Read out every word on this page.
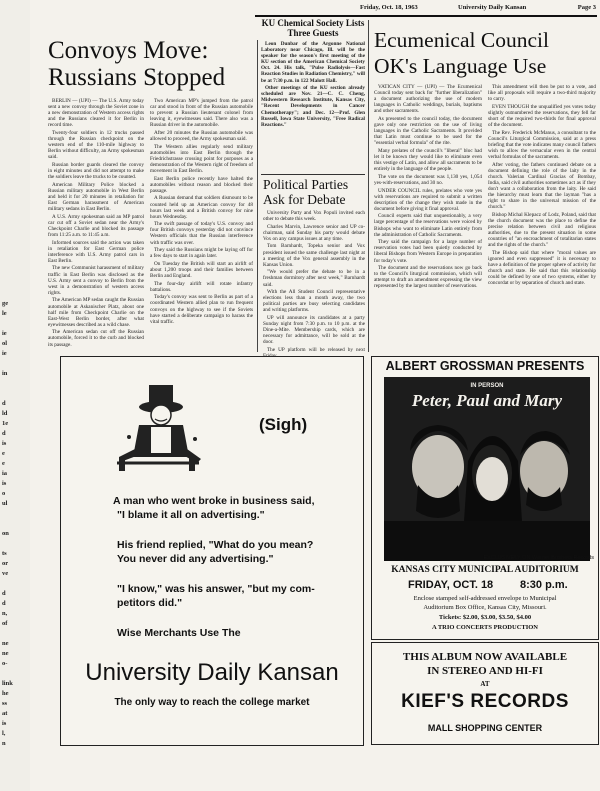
ge
le
ie
ol
ie
in
d
ld
1e
d
is
e
e
ia
is
o
ul
on
ts
or
ve
d
d
n,
of
ne
ne
o-
link
he
ss
at
is
l,
n
Friday, Oct. 18, 1963	University Daily Kansan	Page 3
Convoys Move:
Russians Stopped

BERLIN — (UPI) — The U.S. Army today sent a new convoy through the Soviet zone in a new demonstration of Western access rights and the Russians cleared it for Berlin in record time.

Twenty-four soldiers in 12 trucks passed through the Russian checkpoint on the western end of the 110-mile highway to Berlin without difficulty, an Army spokesman said.

Russian border guards cleared the convoy in eight minutes and did not attempt to make the soldiers leave the trucks to be counted.

American Military Police blocked a Russian military automobile in West Berlin and held it for 20 minutes in retaliation for East German harassment of American military sedans in East Berlin.

A U.S. Army spokesman said an MP patrol car cut off a Soviet sedan near the Army's Checkpoint Charlie and blocked its passage from 11:25 a.m. to 11:45 a.m.

Informed sources said the action was taken in retaliation for East German police interference with U.S. Army patrol cars in East Berlin.

The new Communist harassment of military traffic in East Berlin was disclosed as the U.S. Army sent a convoy to Berlin from the west in a demonstration of western access rights.

The American MP sedan caught the Russian automobile at Askanischer Platz, about one half mile from Checkpoint Charlie on the East-West Berlin border, after what eyewitnesses described as a wild chase.

The American sedan cut off the Russian automobile, forced it to the curb and blocked its passage.

Two American MP's jumped from the patrol car and stood in front of the Russian automobile to prevent a Russian lieutenant colonel from leaving it, eyewitnesses said. There also was a Russian driver in the automobile.

After 20 minutes the Russian automobile was allowed to proceed, the Army spokesman said.

The Western allies regularly send military automobiles into East Berlin through the Friedrichstrasse crossing point for purposes as a demonstration of the Western right of freedom of movement in East Berlin.

East Berlin police recently have halted the automobiles without reason and blocked their passage.

A Russian demand that soldiers dismount to be counted held up an American convoy for 48 hours last week and a British convoy for nine hours Wednesday.

The swift passage of today's U.S. convoy and four British convoys yesterday did not convince Western officials that the Russian interference with traffic was over.

They said the Russians might be laying off for a few days to start in again later.

On Tuesday the British will start an airlift of about 1,200 troops and their families between Berlin and England.

The four-day airlift will rotate infantry battalions.

Today's convoy was sent to Berlin as part of a coordinated Western allied plan to run frequent convoys on the highway to see if the Soviets have started a deliberate campaign to harass the vital traffic.

KU Chemical Society Lists Three Guests

Leon Dunbar of the Argonne National Laboratory near Chicago, Ill. will be the speaker for the season's first meeting of the KU section of the American Chemical Society Oct. 24. His talk, "Pulse Radiolysis—Fast Reaction Studies in Radiation Chemistry," will be at 7:30 p.m. in 122 Malott Hall.

Other meetings of the KU section already scheduled are Nov. 21—C. C. Cheng, Midwestern Research Institute, Kansas City, "Recent Developments in Cancer Chemotherapy"; and Dec. 12—Prof. Glen Russell, Iowa State University, "Free Radical Reactions."

Political Parties
Ask for Debate

University Party and Vox Populi invited each other to debate this week.

Charles Marvin, Lawrence senior and UP co-chairman, said Sunday his party would debate Vox on any campus issues at any time.

Tom Barnhardt, Topeka senior and Vox president issued the same challenge last night at a meeting of the Vox general assembly in the Kansas Union.

"We would prefer the debate to be in a freshman dormitory after next week," Barnhardt said.

With the All Student Council representative elections less than a month away, the two political parties are busy selecting candidates and writing platforms.

UP will announce its candidates at a party Sunday night from 7:30 p.m. to 10 p.m. at the Dine-a-Mite. Membership cards, which are necessary for admittance, will be sold at the door.

The UP platform will be released by next

Ecumenical Council
OK's Language Use

VATICAN CITY — (UPI) — The Ecumenical Council today sent back for "further liberalization" a document authorizing the use of modern languages in Catholic weddings, burials, baptisms and other sacraments.

As presented to the council today, the document gave only one restriction on the use of living languages in the Catholic Sacraments. It provided that Latin must continue to be used for the "essential verbal formula" of the rite.

Many prelates of the council's "liberal" bloc had let it be known they would like to eliminate even this vestige of Latin, and allow all sacraments to be entirely in the language of the people.

The vote on the document was 1,130 yes, 1,054 yes-with-reservations, and 30 no.

UNDER COUNCIL rules, prelates who vote yes with reservations are required to submit a written description of the change they wish made in the document before giving it final approval.

Council experts said that unquestionably, a very large percentage of the reservations were voiced by Bishops who want to eliminate Latin entirely from the administration of Catholic Sacraments.

They said the campaign for a large number of reservation votes had been quietly conducted by liberal Bishops from Western Europe in preparation for today's vote.

The document and the reservations now go back to the Council's liturgical commission, which will attempt to draft an amendment expressing the view represented by the largest number of reservations.

This amendment will then be put to a vote, and like all proposals will require a two-third majority to carry.

EVEN THOUGH the unqualified yes votes today slightly outnumbered the reservations, they fell far short of the required two-thirds for final approval of the document.

The Rev. Frederick McManus, a consultant to the Council's Liturgical Commission, said at a press briefing that the vote indicates many council fathers wish to allow the vernacular even in the central verbal formulas of the sacraments.

After voting, the fathers continued debate on a document defining the role of the laity in the church. Valerian Cardinal Gracias of Bombay, India, said civil authorities sometimes act as if they don't want a collaboration from the laity. He said the hierarchy must learn that the layman "has a right to share in the universal mission of the church."

Bishop Michal Klepacz of Lodz, Poland, said that the church document was the place to define the precise relation between civil and religious authorities, due to the present situation in some countries of "an encroachment of totalitarian states and the rights of the church."

The Bishop said that where "moral values are ignored and even suppressed" it is necessary to have a definition of the proper sphere of activity for church and state. He said that this relationship could be defined by one of two systems, either by concordat or by separation of church and state.

(Sigh)
A man who went broke in business said,
"I blame it all on advertising."
His friend replied, "What do you mean?
You never did any advertising."
"I know," was his answer, "but my com-
petitors did."
Wise Merchants Use The
University Daily Kansan
The only way to reach the college market
ALBERT GROSSMAN PRESENTS
IN PERSON
Peter, Paul and Mary
EXCLUSIVELY ON Warner Brothers Records
KANSAS CITY MUNICIPAL AUDITORIUM
FRIDAY, OCT. 18 8:30 p.m.
Enclose stamped self-addressed envelope to Municipal
Auditorium Box Office, Kansas City, Missouri.
Tickets: $2.00, $3.00, $3.50, $4.00
A TRIO CONCERTS PRODUCTION
THIS ALBUM NOW AVAILABLE
IN STEREO AND HI-FI
AT
KIEF'S RECORDS
MALL SHOPPING CENTER
